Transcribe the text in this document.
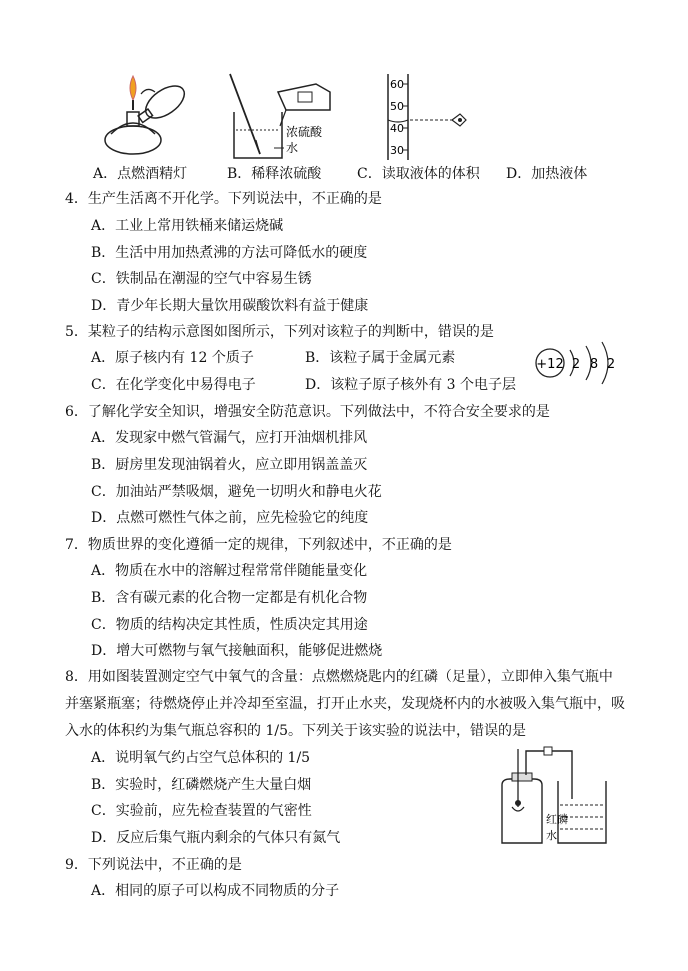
浓硫酸
水
60
50
40
30
A．点燃酒精灯	B．稀释浓硫酸	C．读取液体的体积 D．加热液体
4．生产生活离不开化学。下列说法中，不正确的是
A．工业上常用铁桶来储运烧碱
B．生活中用加热煮沸的方法可降低水的硬度
C．铁制品在潮湿的空气中容易生锈
D．青少年长期大量饮用碳酸饮料有益于健康
5．某粒子的结构示意图如图所示，下列对该粒子的判断中，错误的是
A．原子核内有 12 个质子	B．该粒子属于金属元素
C．在化学变化中易得电子	D．该粒子原子核外有 3 个电子层
+12 2 8 2
6．了解化学安全知识，增强安全防范意识。下列做法中，不符合安全要求的是
A．发现家中燃气管漏气，应打开油烟机排风
B．厨房里发现油锅着火，应立即用锅盖盖灭
C．加油站严禁吸烟，避免一切明火和静电火花
D．点燃可燃性气体之前，应先检验它的纯度
7．物质世界的变化遵循一定的规律，下列叙述中，不正确的是
A．物质在水中的溶解过程常常伴随能量变化
B．含有碳元素的化合物一定都是有机化合物
C．物质的结构决定其性质，性质决定其用途
D．增大可燃物与氧气接触面积，能够促进燃烧
8．用如图装置测定空气中氧气的含量：点燃燃烧匙内的红磷（足量），立即伸入集气瓶中
并塞紧瓶塞；待燃烧停止并冷却至室温，打开止水夹，发现烧杯内的水被吸入集气瓶中，吸
入水的体积约为集气瓶总容积的 1/5。下列关于该实验的说法中，错误的是
A．说明氧气约占空气总体积的 1/5
B．实验时，红磷燃烧产生大量白烟
C．实验前，应先检查装置的气密性
D．反应后集气瓶内剩余的气体只有氮气
红磷
水
9．下列说法中，不正确的是
A．相同的原子可以构成不同物质的分子
